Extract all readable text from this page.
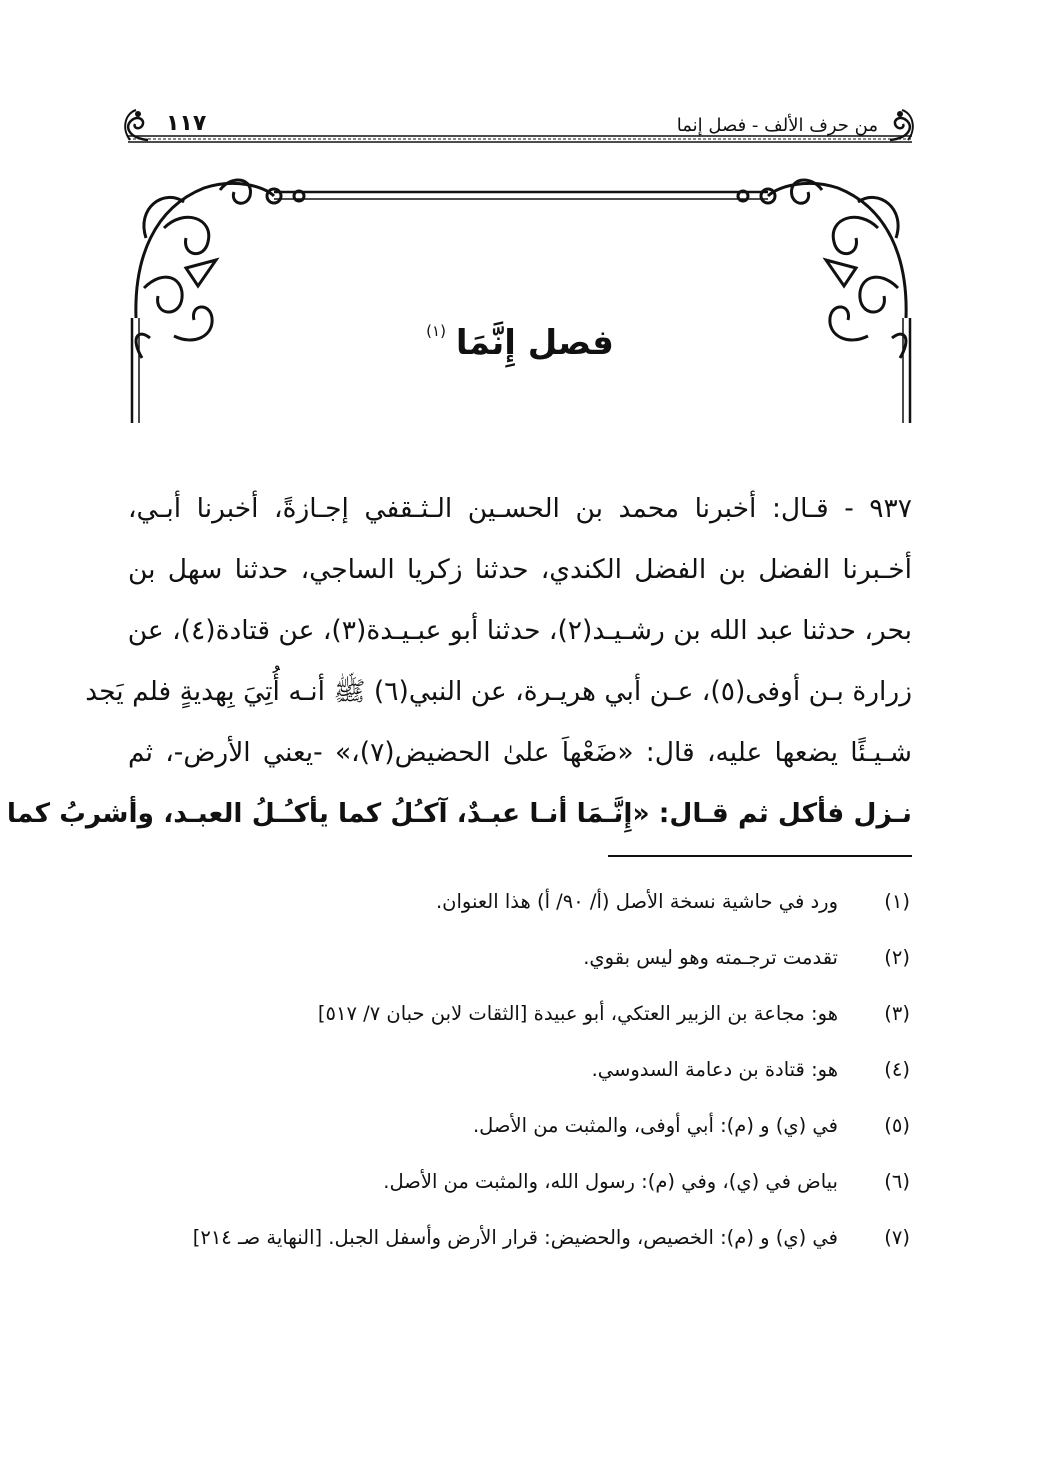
١١٧	من حرف الألف - فصل إنما
فصل إِنَّمَا$^{(١)}$
٩٣٧ - قـال: أخبرنا محمد بن الحسـين الـثـقفي إجـازةً، أخبرنا أبـي،
أخـبرنا الفضل بن الفضل الكندي، حدثنا زكريا الساجي، حدثنا سهل بن
بحر، حدثنا عبد الله بن رشـيـد(٢)، حدثنا أبو عبـيـدة(٣)، عن قتادة(٤)، عن
زرارة بـن أوفى(٥)، عـن أبي هريـرة، عن النبي(٦) ﷺ أنـه أُتِيَ بِهديةٍ فلم يَجد
شـيـئًا يضعها عليه، قال: «ضَعْهاَ علىٰ الحضيض(٧)،» -يعني الأرض-، ثم
نـزل فأكل ثم قـال: «إِنَّـمَا أنـا عبـدٌ، آكـُلُ كما يأكـُـلُ العبـد، وأشربُ كما
(١)
ورد في حاشية نسخة الأصل (أ/ ٩٠/ أ) هذا العنوان.
(٢)
تقدمت ترجـمته وهو ليس بقوي.
(٣)
هو: مجاعة بن الزبير العتكي، أبو عبيدة [الثقات لابن حبان ٧/ ٥١٧]
(٤)
هو: قتادة بن دعامة السدوسي.
(٥)
في (ي) و (م): أبي أوفى، والمثبت من الأصل.
(٦)
بياض في (ي)، وفي (م): رسول الله، والمثبت من الأصل.
(٧)
في (ي) و (م): الخصيص، والحضيض: قرار الأرض وأسفل الجبل. [النهاية صـ ٢١٤]
